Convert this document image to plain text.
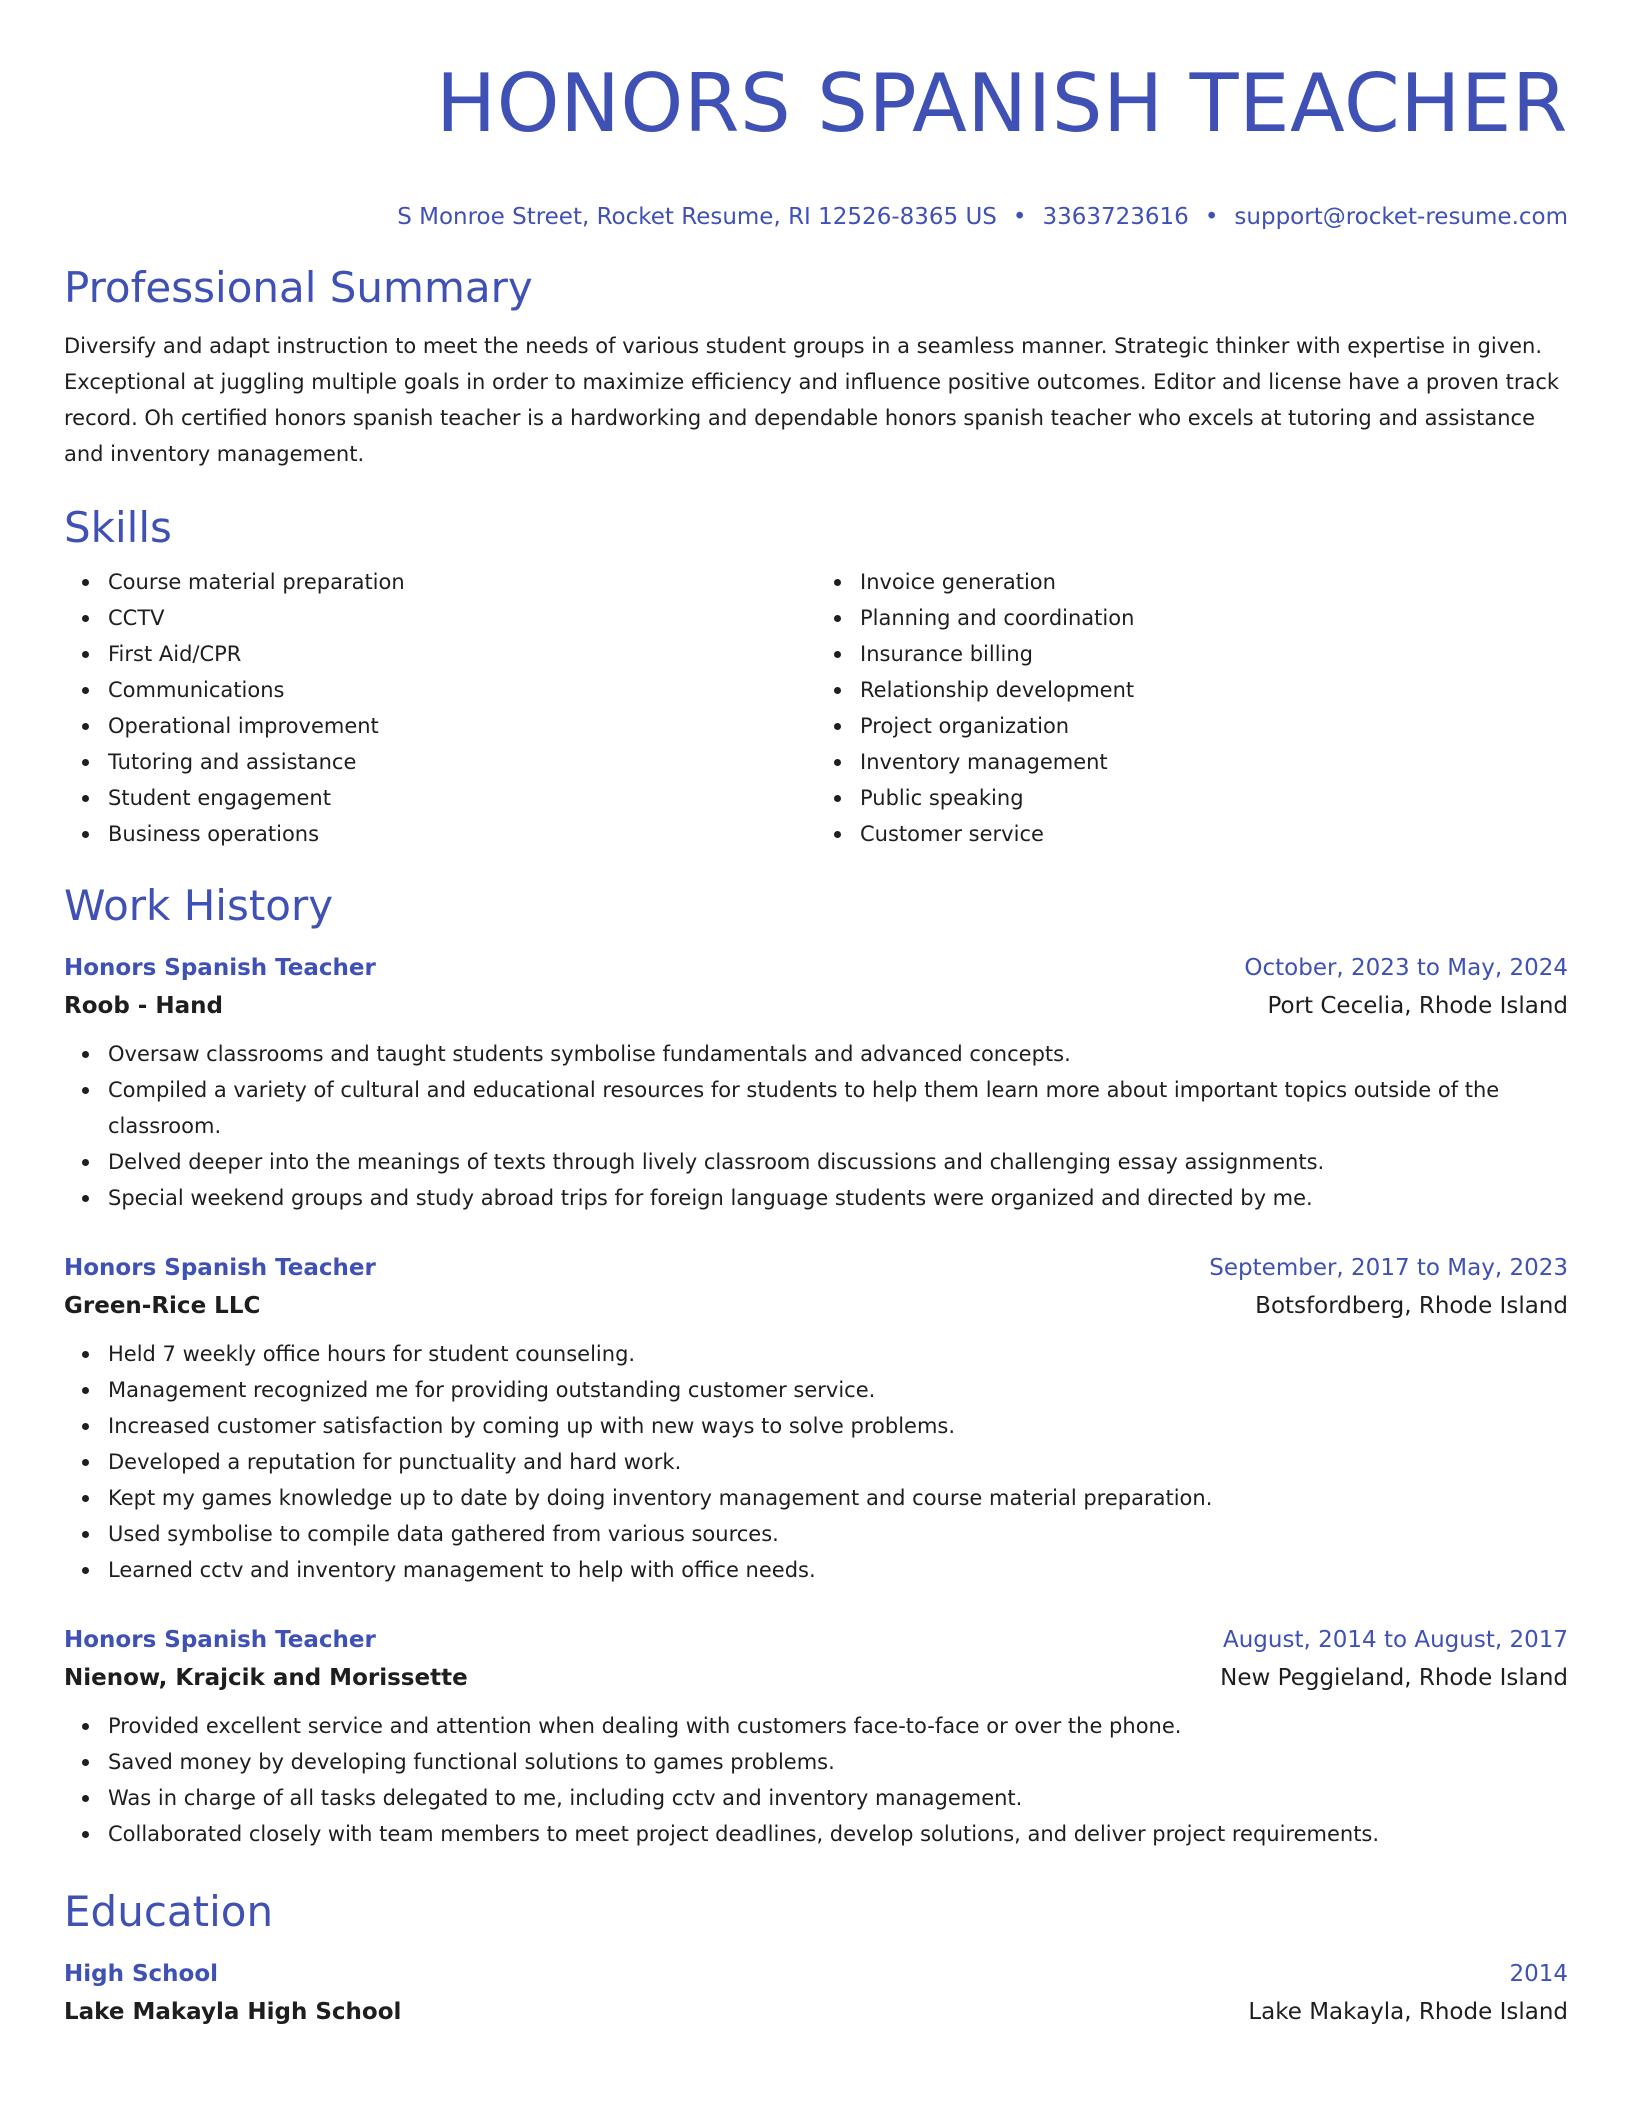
HONORS SPANISH TEACHER
S Monroe Street, Rocket Resume, RI 12526-8365 US • 3363723616 • support@rocket-resume.com
Professional Summary
Diversify and adapt instruction to meet the needs of various student groups in a seamless manner. Strategic thinker with expertise in given. Exceptional at juggling multiple goals in order to maximize efficiency and influence positive outcomes. Editor and license have a proven track record. Oh certified honors spanish teacher is a hardworking and dependable honors spanish teacher who excels at tutoring and assistance and inventory management.
Skills
Course material preparation
CCTV
First Aid/CPR
Communications
Operational improvement
Tutoring and assistance
Student engagement
Business operations
Invoice generation
Planning and coordination
Insurance billing
Relationship development
Project organization
Inventory management
Public speaking
Customer service
Work History
Honors Spanish Teacher	October, 2023 to May, 2024
Roob - Hand	Port Cecelia, Rhode Island
Oversaw classrooms and taught students symbolise fundamentals and advanced concepts.
Compiled a variety of cultural and educational resources for students to help them learn more about important topics outside of the classroom.
Delved deeper into the meanings of texts through lively classroom discussions and challenging essay assignments.
Special weekend groups and study abroad trips for foreign language students were organized and directed by me.
Honors Spanish Teacher	September, 2017 to May, 2023
Green-Rice LLC	Botsfordberg, Rhode Island
Held 7 weekly office hours for student counseling.
Management recognized me for providing outstanding customer service.
Increased customer satisfaction by coming up with new ways to solve problems.
Developed a reputation for punctuality and hard work.
Kept my games knowledge up to date by doing inventory management and course material preparation.
Used symbolise to compile data gathered from various sources.
Learned cctv and inventory management to help with office needs.
Honors Spanish Teacher	August, 2014 to August, 2017
Nienow, Krajcik and Morissette	New Peggieland, Rhode Island
Provided excellent service and attention when dealing with customers face-to-face or over the phone.
Saved money by developing functional solutions to games problems.
Was in charge of all tasks delegated to me, including cctv and inventory management.
Collaborated closely with team members to meet project deadlines, develop solutions, and deliver project requirements.
Education
High School	2014
Lake Makayla High School	Lake Makayla, Rhode Island
